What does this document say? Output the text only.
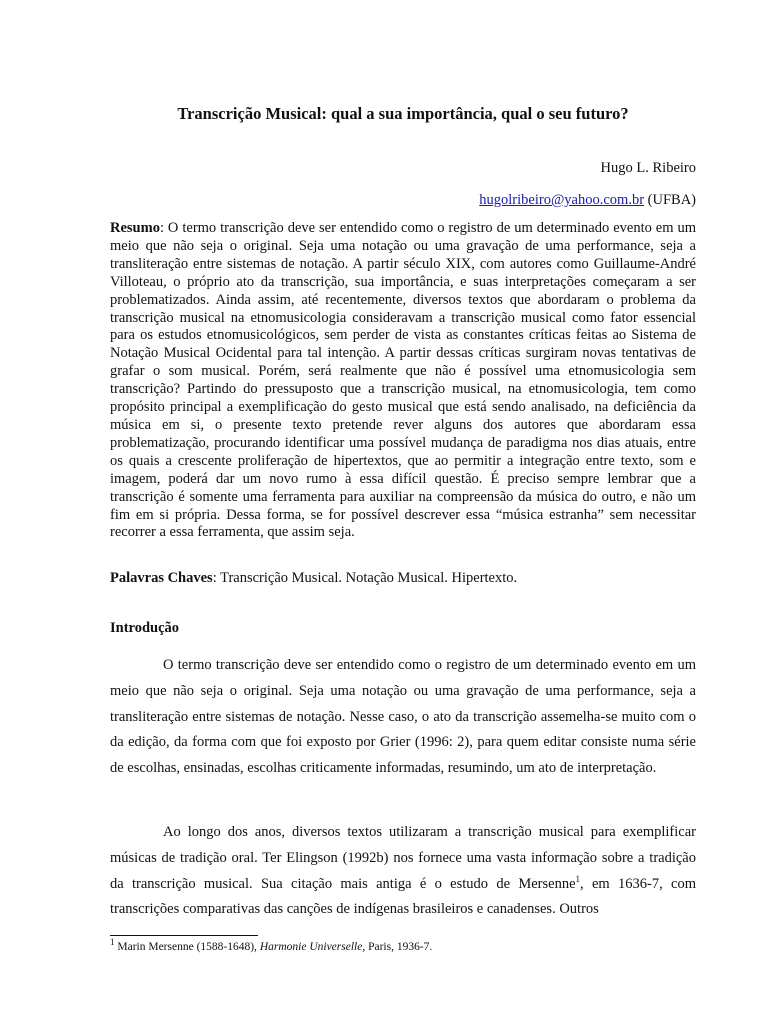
Transcrição Musical: qual a sua importância, qual o seu futuro?
Hugo L. Ribeiro
hugolribeiro@yahoo.com.br (UFBA)

Resumo: O termo transcrição deve ser entendido como o registro de um determinado evento em um meio que não seja o original. Seja uma notação ou uma gravação de uma performance, seja a transliteração entre sistemas de notação. A partir século XIX, com autores como Guillaume-André Villoteau, o próprio ato da transcrição, sua importância, e suas interpretações começaram a ser problematizados. Ainda assim, até recentemente, diversos textos que abordaram o problema da transcrição musical na etnomusicologia consideravam a transcrição musical como fator essencial para os estudos etnomusicológicos, sem perder de vista as constantes críticas feitas ao Sistema de Notação Musical Ocidental para tal intenção. A partir dessas críticas surgiram novas tentativas de grafar o som musical. Porém, será realmente que não é possível uma etnomusicologia sem transcrição? Partindo do pressuposto que a transcrição musical, na etnomusicologia, tem como propósito principal a exemplificação do gesto musical que está sendo analisado, na deficiência da música em si, o presente texto pretende rever alguns dos autores que abordaram essa problematização, procurando identificar uma possível mudança de paradigma nos dias atuais, entre os quais a crescente proliferação de hipertextos, que ao permitir a integração entre texto, som e imagem, poderá dar um novo rumo à essa difícil questão. É preciso sempre lembrar que a transcrição é somente uma ferramenta para auxiliar na compreensão da música do outro, e não um fim em si própria. Dessa forma, se for possível descrever essa “música estranha” sem necessitar recorrer a essa ferramenta, que assim seja.

Palavras Chaves: Transcrição Musical. Notação Musical. Hipertexto.

Introdução

O termo transcrição deve ser entendido como o registro de um determinado evento em um meio que não seja o original. Seja uma notação ou uma gravação de uma performance, seja a transliteração entre sistemas de notação. Nesse caso, o ato da transcrição assemelha-se muito com o da edição, da forma com que foi exposto por Grier (1996: 2), para quem editar consiste numa série de escolhas, ensinadas, escolhas criticamente informadas, resumindo, um ato de interpretação.

Ao longo dos anos, diversos textos utilizaram a transcrição musical para exemplificar músicas de tradição oral. Ter Elingson (1992b) nos fornece uma vasta informação sobre a tradição da transcrição musical. Sua citação mais antiga é o estudo de Mersenne$^1$, em 1636-7, com transcrições comparativas das canções de indígenas brasileiros e canadenses. Outros

$^1$ Marin Mersenne (1588-1648), Harmonie Universelle, Paris, 1936-7.
